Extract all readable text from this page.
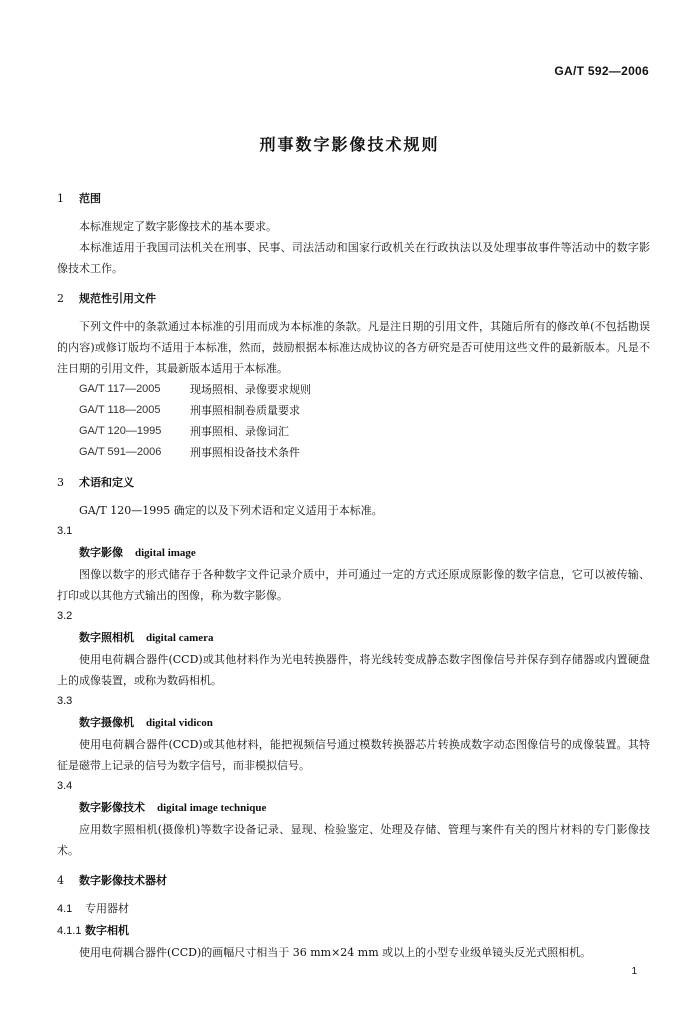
GA/T 592—2006
刑事数字影像技术规则
1 范围
本标准规定了数字影像技术的基本要求。
本标准适用于我国司法机关在刑事、民事、司法活动和国家行政机关在行政执法以及处理事故事件等活动中的数字影像技术工作。
2 规范性引用文件
下列文件中的条款通过本标准的引用而成为本标准的条款。凡是注日期的引用文件，其随后所有的修改单(不包括勘误的内容)或修订版均不适用于本标准，然而，鼓励根据本标准达成协议的各方研究是否可使用这些文件的最新版本。凡是不注日期的引用文件，其最新版本适用于本标准。
GA/T 117—2005	现场照相、录像要求规则
GA/T 118—2005	刑事照相制卷质量要求
GA/T 120—1995	刑事照相、录像词汇
GA/T 591—2006	刑事照相设备技术条件
3 术语和定义
GA/T 120—1995 确定的以及下列术语和定义适用于本标准。
3.1
数字影像 digital image
图像以数字的形式储存于各种数字文件记录介质中，并可通过一定的方式还原成原影像的数字信息，它可以被传输、打印或以其他方式输出的图像，称为数字影像。
3.2
数字照相机 digital camera
使用电荷耦合器件(CCD)或其他材料作为光电转换器件，将光线转变成静态数字图像信号并保存到存储器或内置硬盘上的成像装置，或称为数码相机。
3.3
数字摄像机 digital vidicon
使用电荷耦合器件(CCD)或其他材料，能把视频信号通过模数转换器芯片转换成数字动态图像信号的成像装置。其特征是磁带上记录的信号为数字信号，而非模拟信号。
3.4
数字影像技术 digital image technique
应用数字照相机(摄像机)等数字设备记录、显现、检验鉴定、处理及存储、管理与案件有关的图片材料的专门影像技术。
4 数字影像技术器材
4.1 专用器材
4.1.1 数字相机
使用电荷耦合器件(CCD)的画幅尺寸相当于 36 mm×24 mm 或以上的小型专业级单镜头反光式照相机。
1
